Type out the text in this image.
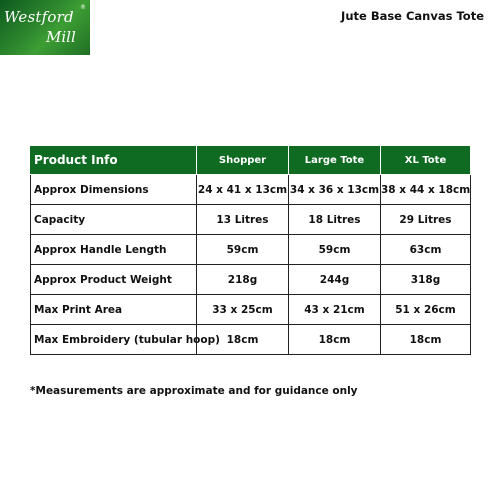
Westford
®
Mill
Jute Base Canvas Tote
Product Info	Shopper	Large Tote	XL Tote
Approx Dimensions	24 x 41 x 13cm	34 x 36 x 13cm	38 x 44 x 18cm
Capacity	13 Litres	18 Litres	29 Litres
Approx Handle Length	59cm	59cm	63cm
Approx Product Weight	218g	244g	318g
Max Print Area	33 x 25cm	43 x 21cm	51 x 26cm
Max Embroidery (tubular hoop)	18cm	18cm	18cm
*Measurements are approximate and for guidance only
